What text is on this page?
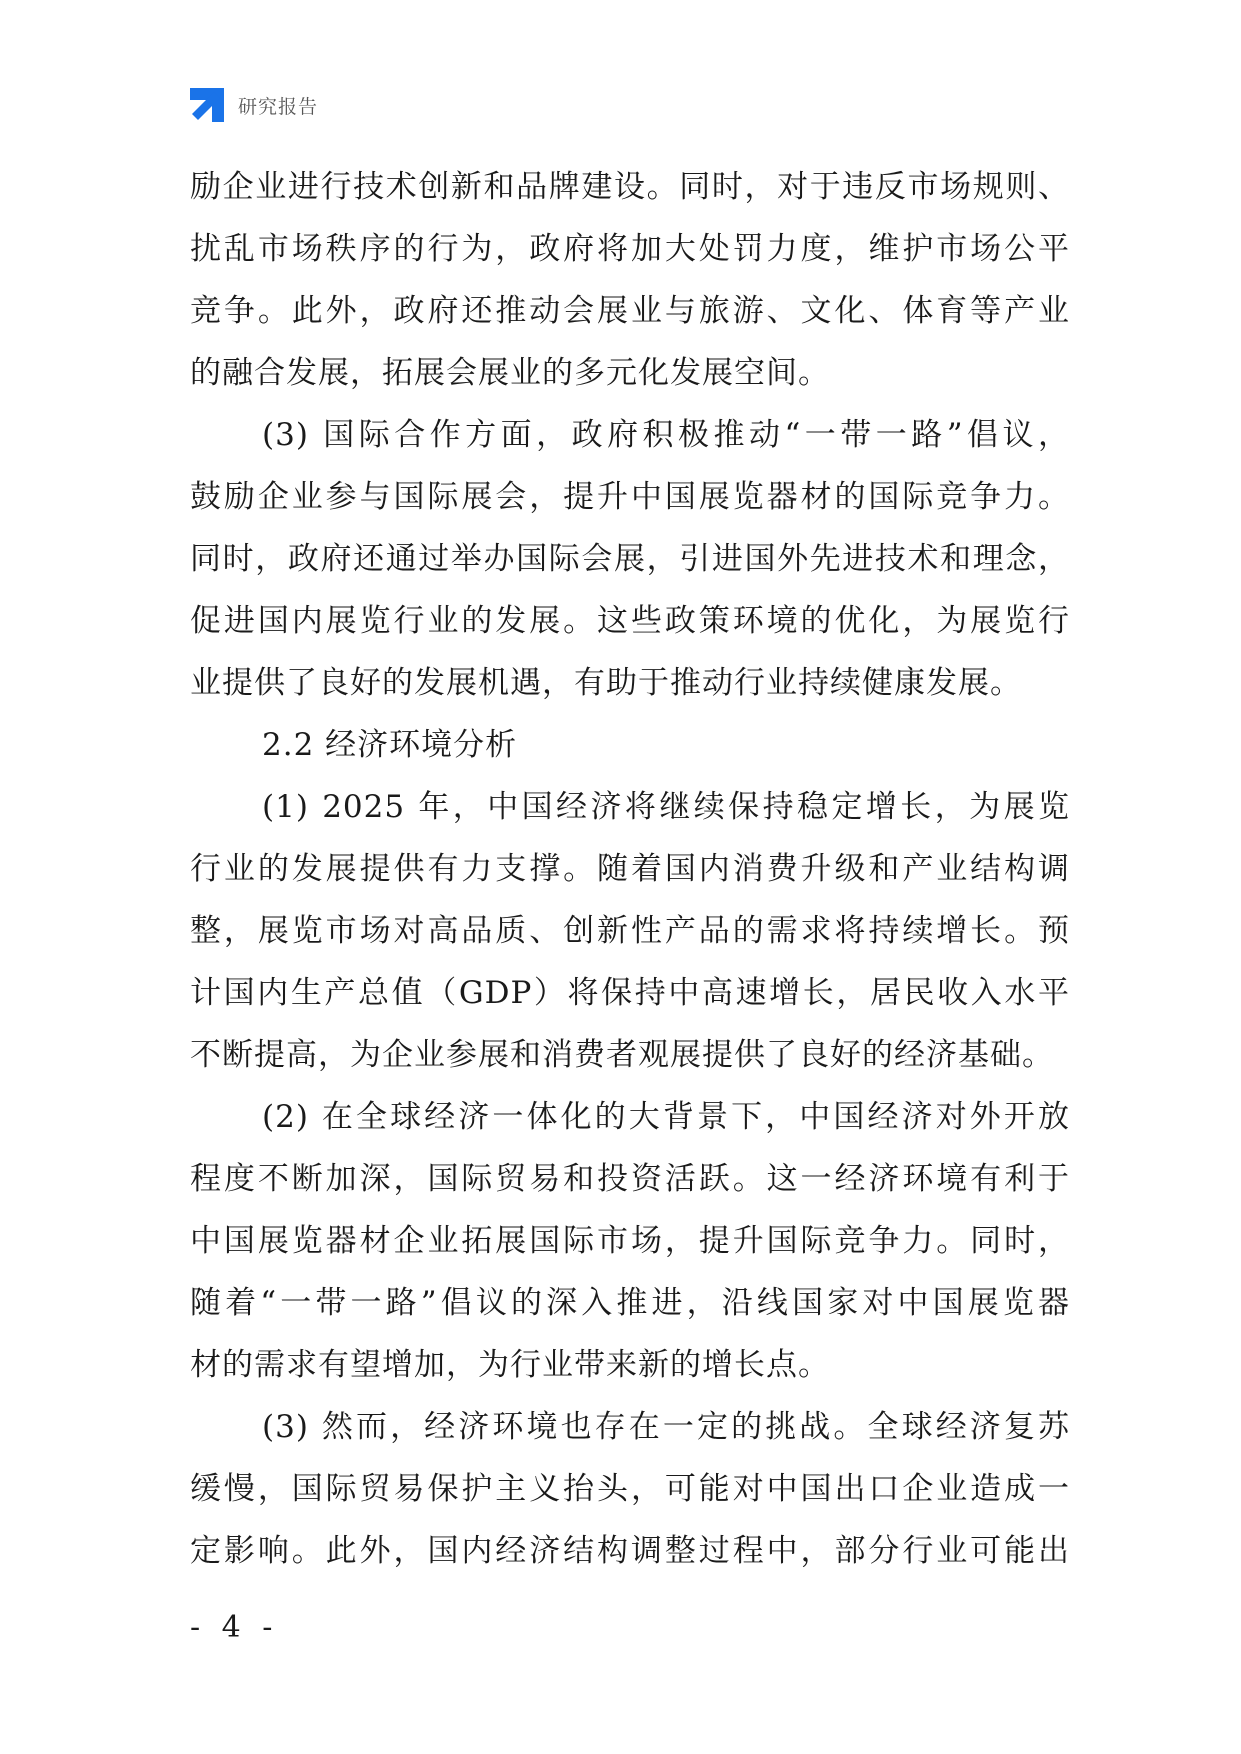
研究报告
励企业进行技术创新和品牌建设。同时，对于违反市场规则、
扰乱市场秩序的行为，政府将加大处罚力度，维护市场公平
竞争。此外，政府还推动会展业与旅游、文化、体育等产业
的融合发展，拓展会展业的多元化发展空间。
(3) 国际合作方面，政府积极推动“一带一路”倡议，
鼓励企业参与国际展会，提升中国展览器材的国际竞争力。
同时，政府还通过举办国际会展，引进国外先进技术和理念，
促进国内展览行业的发展。这些政策环境的优化，为展览行
业提供了良好的发展机遇，有助于推动行业持续健康发展。
2.2 经济环境分析
(1) 2025 年，中国经济将继续保持稳定增长，为展览
行业的发展提供有力支撑。随着国内消费升级和产业结构调
整，展览市场对高品质、创新性产品的需求将持续增长。预
计国内生产总值（GDP）将保持中高速增长，居民收入水平
不断提高，为企业参展和消费者观展提供了良好的经济基础。
(2) 在全球经济一体化的大背景下，中国经济对外开放
程度不断加深，国际贸易和投资活跃。这一经济环境有利于
中国展览器材企业拓展国际市场，提升国际竞争力。同时，
随着“一带一路”倡议的深入推进，沿线国家对中国展览器
材的需求有望增加，为行业带来新的增长点。
(3) 然而，经济环境也存在一定的挑战。全球经济复苏
缓慢，国际贸易保护主义抬头，可能对中国出口企业造成一
定影响。此外，国内经济结构调整过程中，部分行业可能出
- 4 -
